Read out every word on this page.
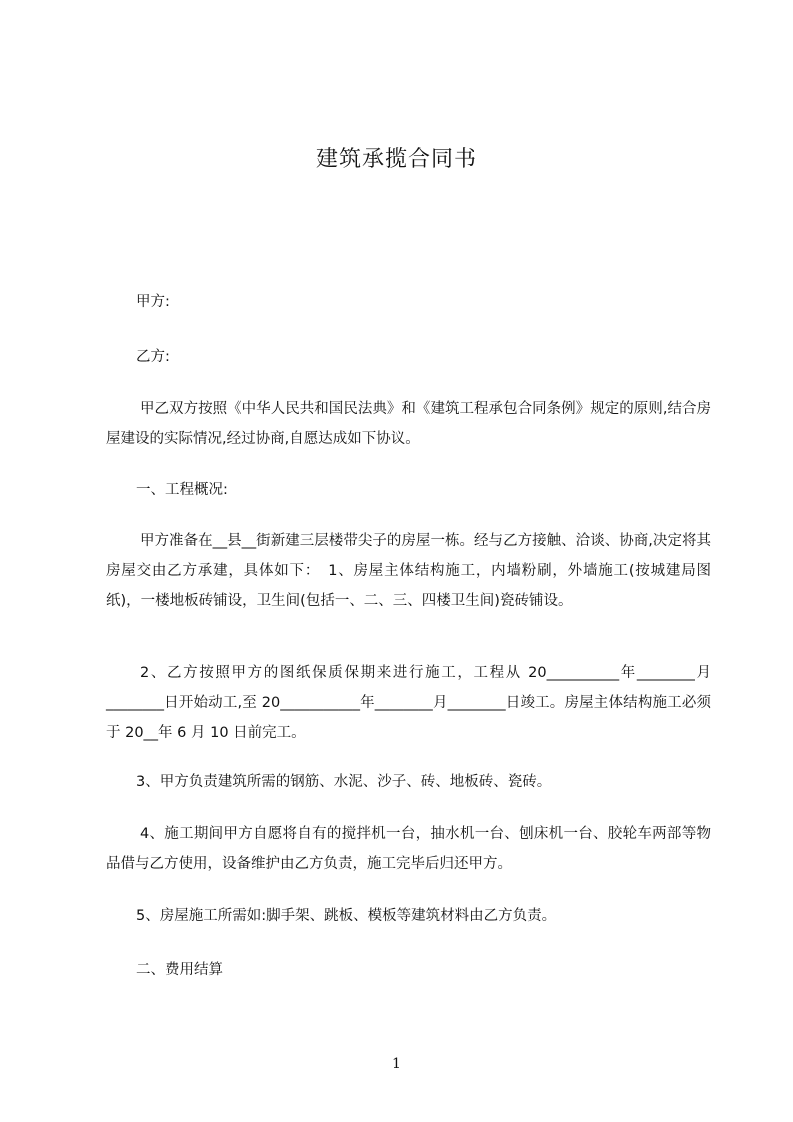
建筑承揽合同书

甲方:

乙方:

甲乙双方按照《中华人民共和国民法典》和《建筑工程承包合同条例》规定的原则,结合房屋建设的实际情况,经过协商,自愿达成如下协议。

一、工程概况:

甲方准备在__县__街新建三层楼带尖子的房屋一栋。经与乙方接触、洽谈、协商,决定将其房屋交由乙方承建，具体如下：　1、房屋主体结构施工，内墙粉刷，外墙施工(按城建局图纸)，一楼地板砖铺设，卫生间(包括一、二、三、四楼卫生间)瓷砖铺设。

2、乙方按照甲方的图纸保质保期来进行施工，工程从 20__________年________月________日开始动工,至 20___________年________月________日竣工。房屋主体结构施工必须于 20__年 6 月 10 日前完工。

3、甲方负责建筑所需的钢筋、水泥、沙子、砖、地板砖、瓷砖。

4、施工期间甲方自愿将自有的搅拌机一台，抽水机一台、刨床机一台、胶轮车两部等物品借与乙方使用，设备维护由乙方负责，施工完毕后归还甲方。

5、房屋施工所需如:脚手架、跳板、模板等建筑材料由乙方负责。

二、费用结算

1
